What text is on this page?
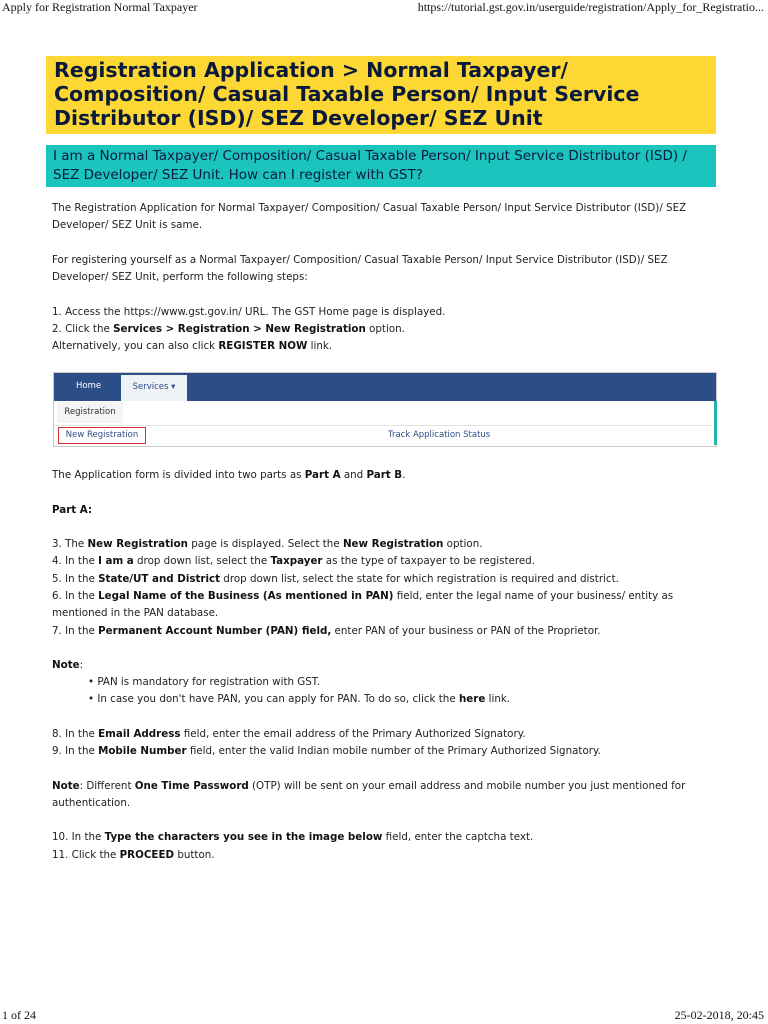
Apply for Registration Normal Taxpayer	https://tutorial.gst.gov.in/userguide/registration/Apply_for_Registratio...
Registration Application > Normal Taxpayer/ Composition/ Casual Taxable Person/ Input Service Distributor (ISD)/ SEZ Developer/ SEZ Unit
I am a Normal Taxpayer/ Composition/ Casual Taxable Person/ Input Service Distributor (ISD) / SEZ Developer/ SEZ Unit. How can I register with GST?
The Registration Application for Normal Taxpayer/ Composition/ Casual Taxable Person/ Input Service Distributor (ISD)/ SEZ Developer/ SEZ Unit is same.
For registering yourself as a Normal Taxpayer/ Composition/ Casual Taxable Person/ Input Service Distributor (ISD)/ SEZ Developer/ SEZ Unit, perform the following steps:
1. Access the https://www.gst.gov.in/ URL. The GST Home page is displayed.
2. Click the Services > Registration > New Registration option.
Alternatively, you can also click REGISTER NOW link.
Home	Services ▾
Registration
New Registration	Track Application Status
The Application form is divided into two parts as Part A and Part B.
Part A:
3. The New Registration page is displayed. Select the New Registration option.
4. In the I am a drop down list, select the Taxpayer as the type of taxpayer to be registered.
5. In the State/UT and District drop down list, select the state for which registration is required and district.
6. In the Legal Name of the Business (As mentioned in PAN) field, enter the legal name of your business/ entity as mentioned in the PAN database.
7. In the Permanent Account Number (PAN) field, enter PAN of your business or PAN of the Proprietor.
Note:
• PAN is mandatory for registration with GST.
• In case you don't have PAN, you can apply for PAN. To do so, click the here link.
8. In the Email Address field, enter the email address of the Primary Authorized Signatory.
9. In the Mobile Number field, enter the valid Indian mobile number of the Primary Authorized Signatory.
Note: Different One Time Password (OTP) will be sent on your email address and mobile number you just mentioned for authentication.
10. In the Type the characters you see in the image below field, enter the captcha text.
11. Click the PROCEED button.
1 of 24	25-02-2018, 20:45
